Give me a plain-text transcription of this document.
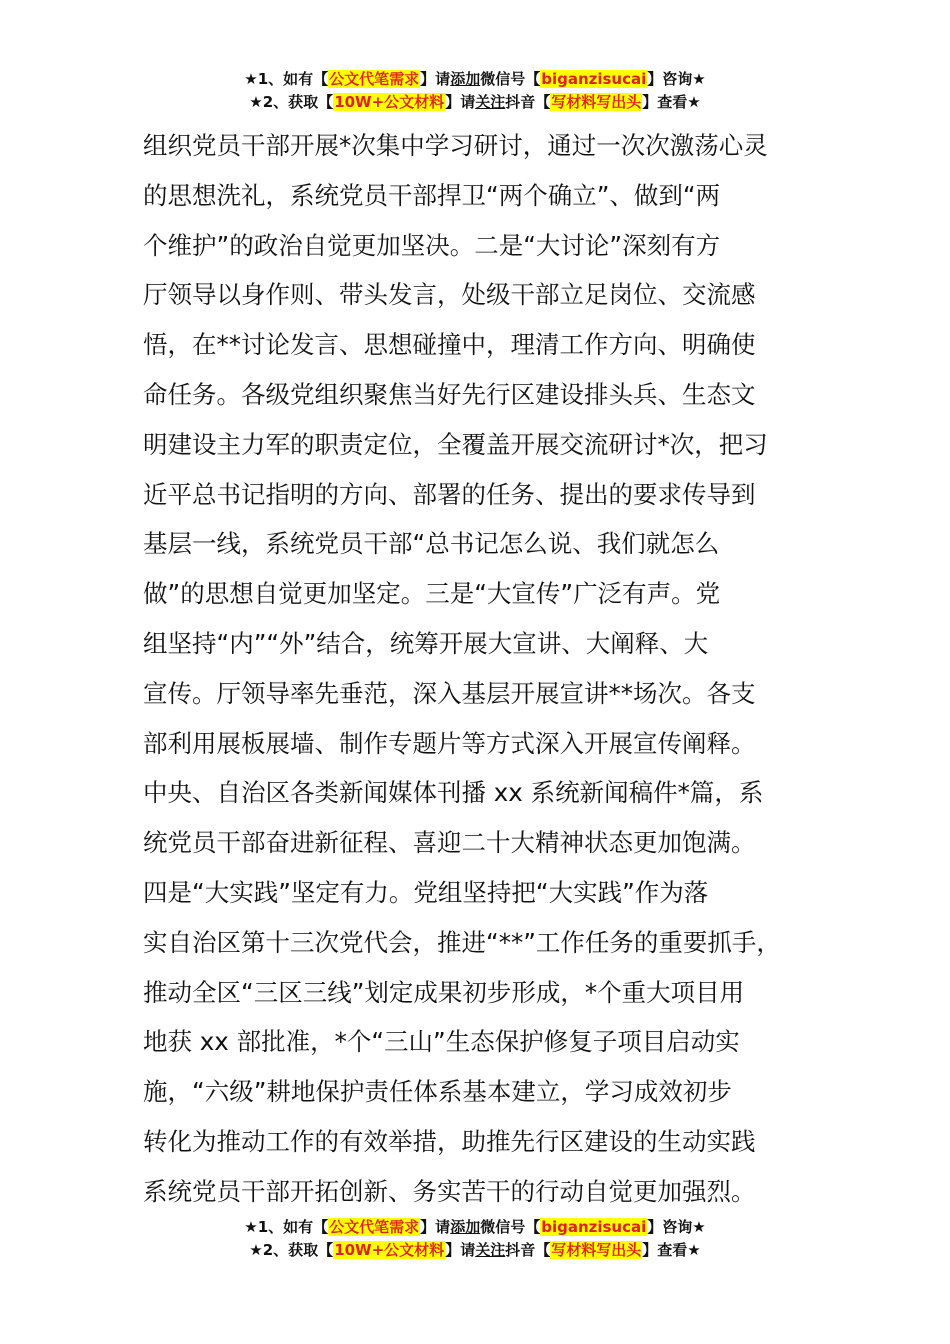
★1、如有【公文代笔需求】请添加微信号【biganzisucai】咨询★
★2、获取【10W+公文材料】请关注抖音【写材料写出头】查看★
组织党员干部开展*次集中学习研讨，通过一次次激荡心灵
的思想洗礼，系统党员干部捍卫“两个确立”、做到“两
个维护”的政治自觉更加坚决。二是“大讨论”深刻有方
厅领导以身作则、带头发言，处级干部立足岗位、交流感
悟，在**讨论发言、思想碰撞中，理清工作方向、明确使
命任务。各级党组织聚焦当好先行区建设排头兵、生态文
明建设主力军的职责定位，全覆盖开展交流研讨*次，把习
近平总书记指明的方向、部署的任务、提出的要求传导到
基层一线，系统党员干部“总书记怎么说、我们就怎么
做”的思想自觉更加坚定。三是“大宣传”广泛有声。党
组坚持“内”“外”结合，统筹开展大宣讲、大阐释、大
宣传。厅领导率先垂范，深入基层开展宣讲**场次。各支
部利用展板展墙、制作专题片等方式深入开展宣传阐释。
中央、自治区各类新闻媒体刊播 xx 系统新闻稿件*篇，系
统党员干部奋进新征程、喜迎二十大精神状态更加饱满。
四是“大实践”坚定有力。党组坚持把“大实践”作为落
实自治区第十三次党代会，推进“**”工作任务的重要抓手，
推动全区“三区三线”划定成果初步形成，*个重大项目用
地获 xx 部批准，*个“三山”生态保护修复子项目启动实
施，“六级”耕地保护责任体系基本建立，学习成效初步
转化为推动工作的有效举措，助推先行区建设的生动实践
系统党员干部开拓创新、务实苦干的行动自觉更加强烈。
★1、如有【公文代笔需求】请添加微信号【biganzisucai】咨询★
★2、获取【10W+公文材料】请关注抖音【写材料写出头】查看★
